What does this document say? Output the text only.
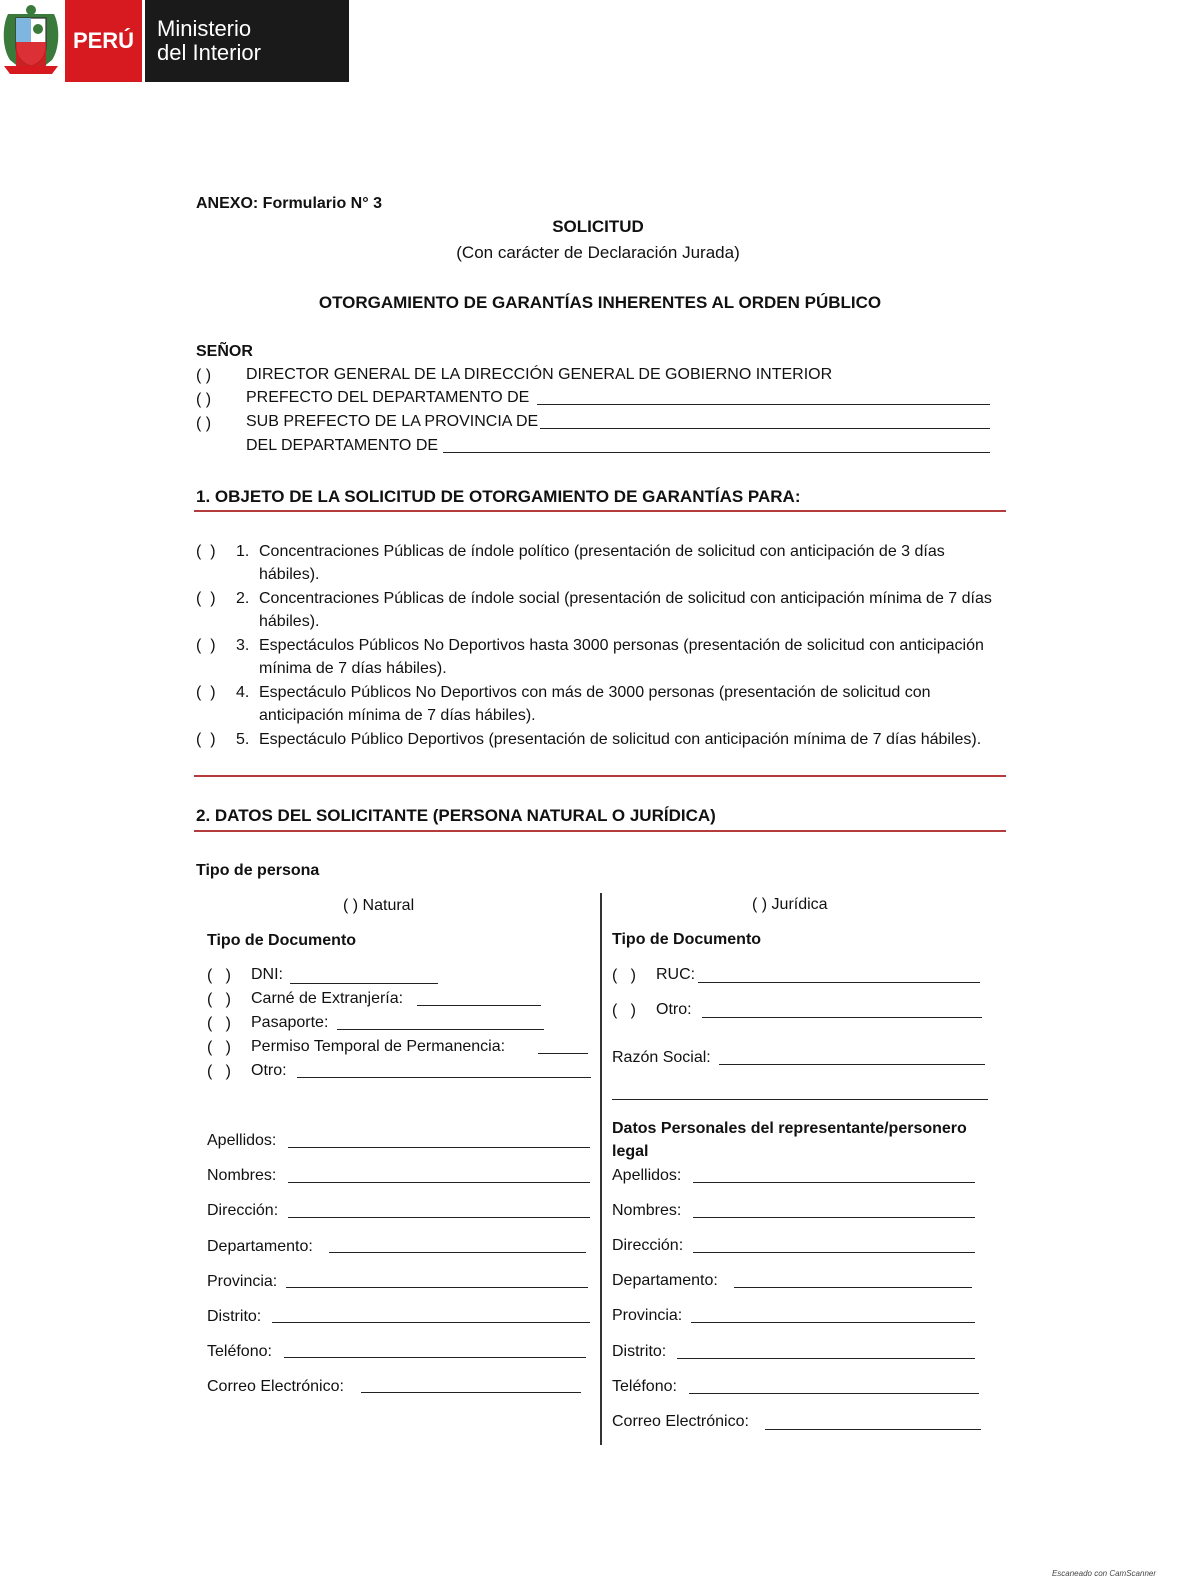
PERÚ	Ministerio
del Interior
ANEXO: Formulario N° 3
SOLICITUD
(Con carácter de Declaración Jurada)
OTORGAMIENTO DE GARANTÍAS INHERENTES AL ORDEN PÚBLICO
SEÑOR
( ) DIRECTOR GENERAL DE LA DIRECCIÓN GENERAL DE GOBIERNO INTERIOR
( ) PREFECTO DEL DEPARTAMENTO DE
( ) SUB PREFECTO DE LA PROVINCIA DE
DEL DEPARTAMENTO DE
1. OBJETO DE LA SOLICITUD DE OTORGAMIENTO DE GARANTÍAS PARA:
(  ) 1. Concentraciones Públicas de índole político (presentación de solicitud con anticipación de 3 días hábiles).
(  ) 2. Concentraciones Públicas de índole social (presentación de solicitud con anticipación mínima de 7 días hábiles).
(  ) 3. Espectáculos Públicos No Deportivos hasta 3000 personas (presentación de solicitud con anticipación mínima de 7 días hábiles).
(  ) 4. Espectáculo Públicos No Deportivos con más de 3000 personas (presentación de solicitud con anticipación mínima de 7 días hábiles).
(  ) 5. Espectáculo Público Deportivos (presentación de solicitud con anticipación mínima de 7 días hábiles).
2. DATOS DEL SOLICITANTE (PERSONA NATURAL O JURÍDICA)
Tipo de persona
( ) Natural
Tipo de Documento
(   ) DNI:
(   ) Carné de Extranjería:
(   ) Pasaporte:
(   ) Permiso Temporal de Permanencia:
(   ) Otro:
Apellidos:
Nombres:
Dirección:
Departamento:
Provincia:
Distrito:
Teléfono:
Correo Electrónico:
( ) Jurídica
Tipo de Documento
(   ) RUC:
(   ) Otro:
Razón Social:
Datos Personales del representante/personero
legal
Apellidos:
Nombres:
Dirección:
Departamento:
Provincia:
Distrito:
Teléfono:
Correo Electrónico:
Escaneado con CamScanner
